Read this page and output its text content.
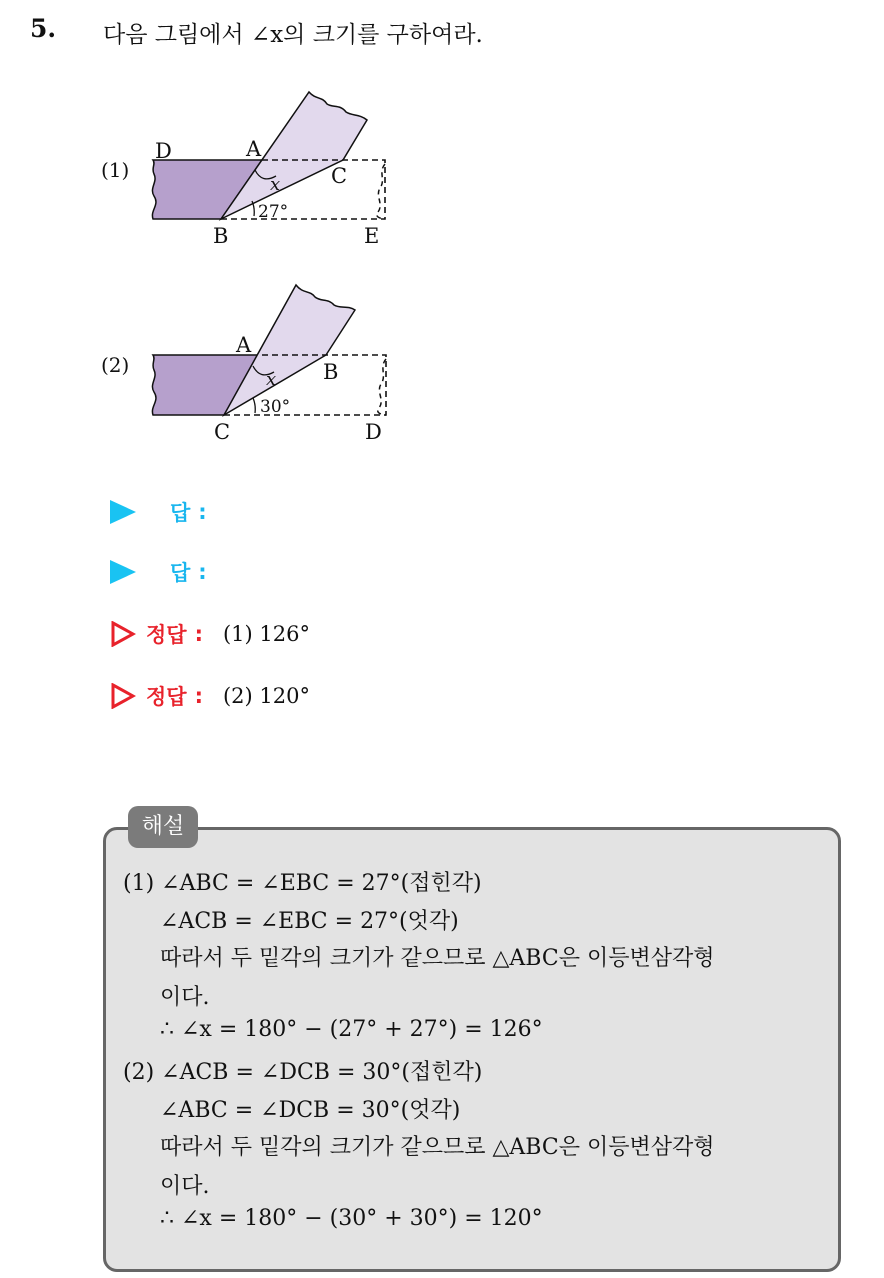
5. 다음 그림에서 ∠x의 크기를 구하여라.
(1)
D	A
C
B	E
x
27°
(2)
A
B
C	D
x
30°
답 :
답 :
정답 : (1) 126°
정답 : (2) 120°
해설
(1) ∠ABC = ∠EBC = 27°(접힌각)
∠ACB = ∠EBC = 27°(엇각)
따라서 두 밑각의 크기가 같으므로 △ABC은 이등변삼각형
이다.
∴ ∠x = 180° − (27° + 27°) = 126°
(2) ∠ACB = ∠DCB = 30°(접힌각)
∠ABC = ∠DCB = 30°(엇각)
따라서 두 밑각의 크기가 같으므로 △ABC은 이등변삼각형
이다.
∴ ∠x = 180° − (30° + 30°) = 120°
